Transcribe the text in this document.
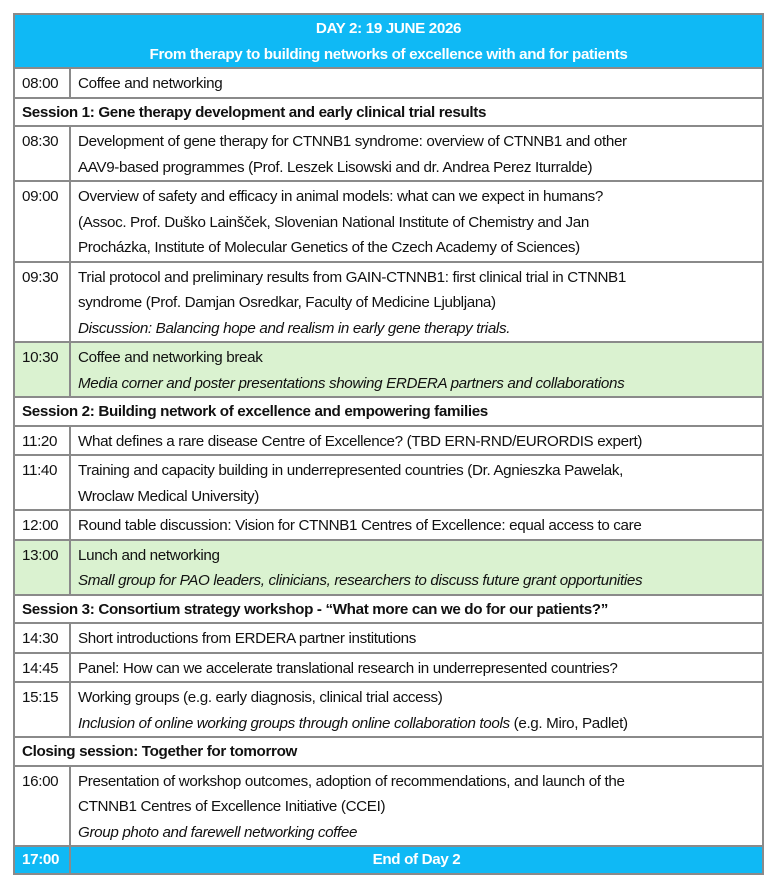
DAY 2: 19 JUNE 2026
From therapy to building networks of excellence with and for patients	

08:00	Coffee and networking

Session 1: Gene therapy development and early clinical trial results	
08:30	Development of gene therapy for CTNNB1 syndrome: overview of CTNNB1 and other
AAV9-based programmes (Prof. Leszek Lisowski and dr. Andrea Perez Iturralde)

09:00	Overview of safety and efficacy in animal models: what can we expect in humans?
(Assoc. Prof. Duško Lainšček, Slovenian National Institute of Chemistry and Jan
Procházka, Institute of Molecular Genetics of the Czech Academy of Sciences)

09:30	Trial protocol and preliminary results from GAIN-CTNNB1: first clinical trial in CTNNB1
syndrome (Prof. Damjan Osredkar, Faculty of Medicine Ljubljana)
Discussion: Balancing hope and realism in early gene therapy trials.

10:30	Coffee and networking break
Media corner and poster presentations showing ERDERA partners and collaborations

Session 2: Building network of excellence and empowering families	
11:20	What defines a rare disease Centre of Excellence? (TBD ERN-RND/EURORDIS expert)

11:40	Training and capacity building in underrepresented countries (Dr. Agnieszka Pawelak,
Wroclaw Medical University)

12:00	Round table discussion: Vision for CTNNB1 Centres of Excellence: equal access to care

13:00	Lunch and networking
Small group for PAO leaders, clinicians, researchers to discuss future grant opportunities

Session 3: Consortium strategy workshop - “What more can we do for our patients?”	
14:30	Short introductions from ERDERA partner institutions

14:45	Panel: How can we accelerate translational research in underrepresented countries?

15:15	Working groups (e.g. early diagnosis, clinical trial access)
Inclusion of online working groups through online collaboration tools (e.g. Miro, Padlet)

Closing session: Together for tomorrow	
16:00	Presentation of workshop outcomes, adoption of recommendations, and launch of the
CTNNB1 Centres of Excellence Initiative (CCEI)
Group photo and farewell networking coffee

17:00	End of Day 2
